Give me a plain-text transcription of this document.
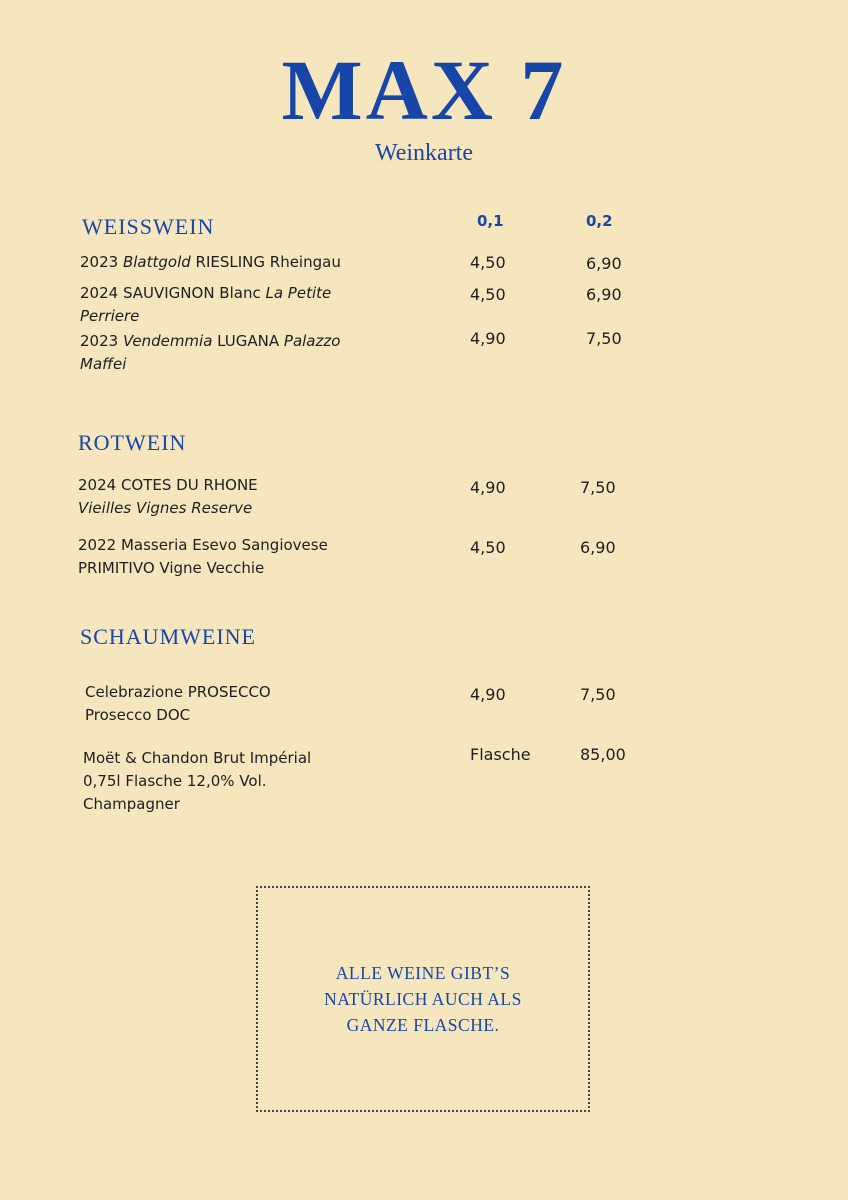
MAX 7
Weinkarte
WEISSWEIN	0,1	0,2
2023 Blattgold RIESLING Rheingau	4,50	6,90
2024 SAUVIGNON Blanc La Petite
Perriere
4,50	6,90
2023 Vendemmia LUGANA Palazzo
Maffei
4,90	7,50
ROTWEIN
2024 COTES DU RHONE
Vieilles Vignes Reserve
4,90	7,50
2022 Masseria Esevo Sangiovese
PRIMITIVO Vigne Vecchie
4,50	6,90
SCHAUMWEINE
Celebrazione PROSECCO
Prosecco DOC
4,90	7,50
Moët & Chandon Brut Impérial
0,75l Flasche 12,0% Vol.
Champagner
Flasche	85,00
ALLE WEINE GIBT’S
NATÜRLICH AUCH ALS
GANZE FLASCHE.
